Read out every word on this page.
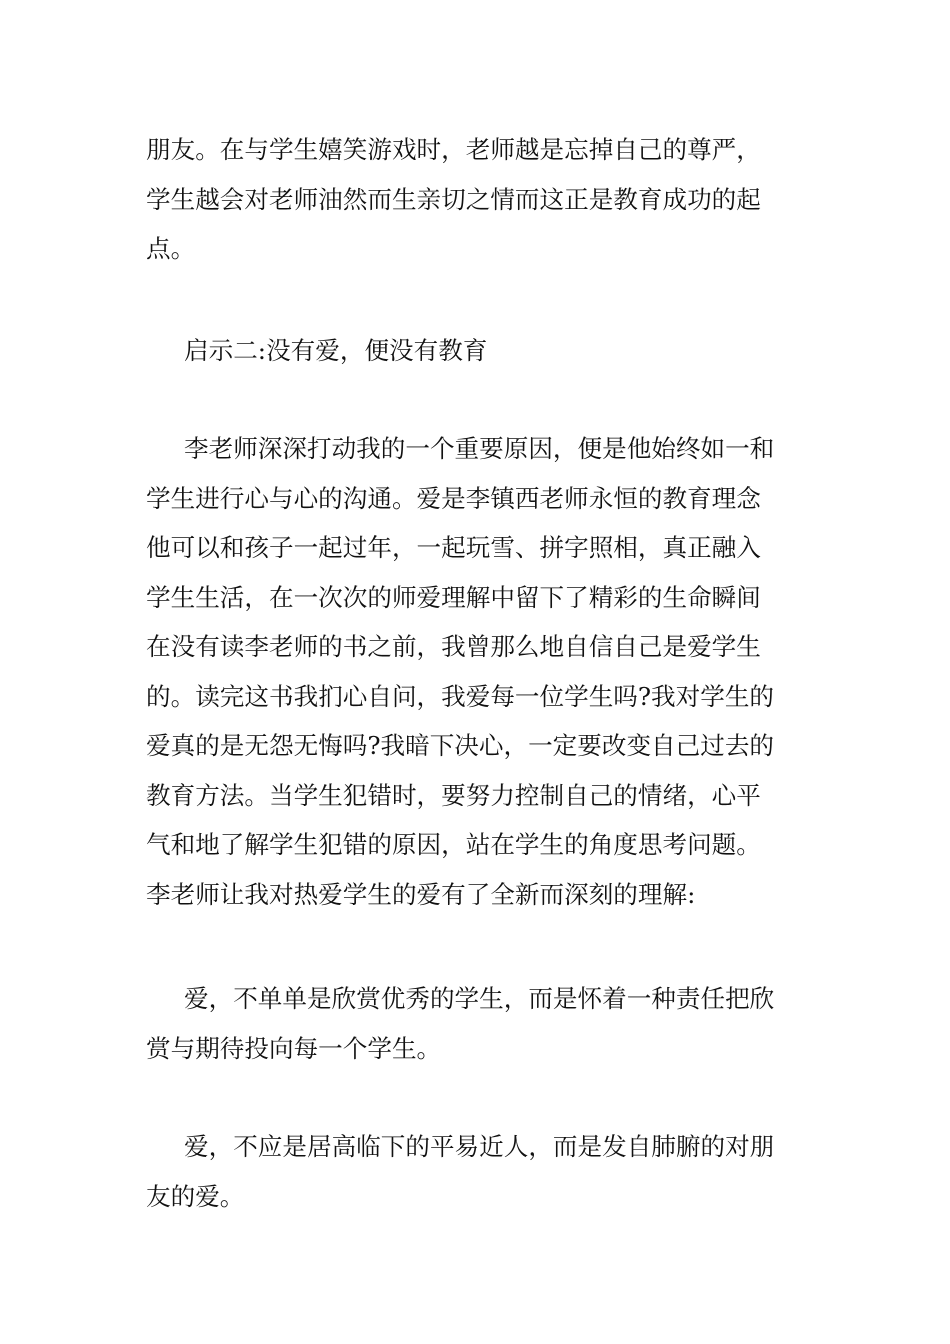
朋友。在与学生嬉笑游戏时，老师越是忘掉自己的尊严，
学生越会对老师油然而生亲切之情而这正是教育成功的起
点。
启示二:没有爱，便没有教育
李老师深深打动我的一个重要原因，便是他始终如一和
学生进行心与心的沟通。爱是李镇西老师永恒的教育理念
他可以和孩子一起过年，一起玩雪、拼字照相，真正融入
学生生活，在一次次的师爱理解中留下了精彩的生命瞬间
在没有读李老师的书之前，我曾那么地自信自己是爱学生
的。读完这书我扪心自问，我爱每一位学生吗?我对学生的
爱真的是无怨无悔吗?我暗下决心，一定要改变自己过去的
教育方法。当学生犯错时，要努力控制自己的情绪，心平
气和地了解学生犯错的原因，站在学生的角度思考问题。
李老师让我对热爱学生的爱有了全新而深刻的理解:
爱，不单单是欣赏优秀的学生，而是怀着一种责任把欣
赏与期待投向每一个学生。
爱，不应是居高临下的平易近人，而是发自肺腑的对朋
友的爱。
